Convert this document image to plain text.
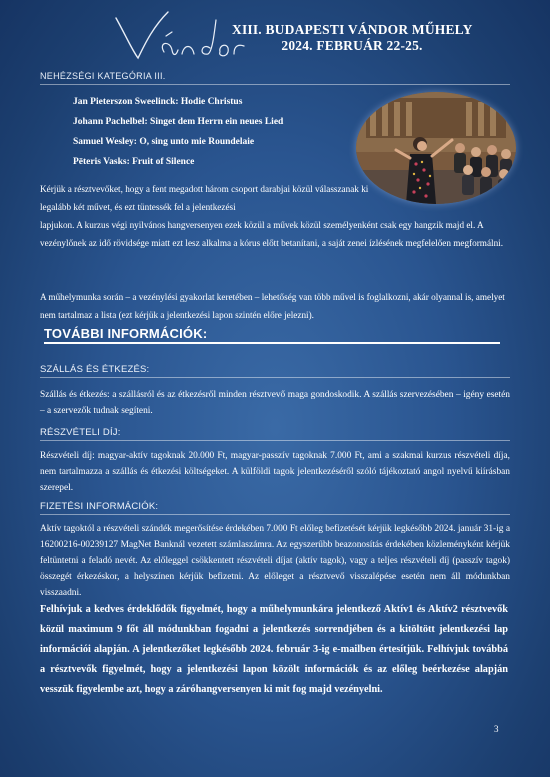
Vándor
XIII. BUDAPESTI VÁNDOR MŰHELY
2024. FEBRUÁR 22-25.
NEHÉZSÉGI KATEGÓRIA III.

Jan Pieterszon Sweelinck: Hodie Christus

Johann Pachelbel: Singet dem Herrn ein neues Lied

Samuel Wesley: O, sing unto mie Roundelaie

Pēteris Vasks: Fruit of Silence

Kérjük a résztvevőket, hogy a fent megadott három csoport darabjai közül válasszanak ki legalább két művet, és ezt tüntessék fel a jelentkezési

lapjukon. A kurzus végi nyilvános hangversenyen ezek közül a művek közül személyenként csak egy hangzik majd el. A vezénylőnek az idő rövidsége miatt ezt lesz alkalma a kórus előtt betanítani, a saját zenei ízlésének megfelelően megformálni.

A műhelymunka során – a vezénylési gyakorlat keretében – lehetőség van több művel is foglalkozni, akár olyannal is, amelyet nem tartalmaz a lista (ezt kérjük a jelentkezési lapon szintén előre jelezni).

TOVÁBBI INFORMÁCIÓK:
SZÁLLÁS ÉS ÉTKEZÉS:

Szállás és étkezés: a szállásról és az étkezésről minden résztvevő maga gondoskodik. A szállás szervezésében – igény esetén – a szervezők tudnak segíteni.

RÉSZVÉTELI DÍJ:

Részvételi díj: magyar-aktív tagoknak 20.000 Ft, magyar-passzív tagoknak 7.000 Ft, ami a szakmai kurzus részvételi díja, nem tartalmazza a szállás és étkezési költségeket. A külföldi tagok jelentkezéséről szóló tájékoztató angol nyelvű kiírásban szerepel.

FIZETÉSI INFORMÁCIÓK:

Aktív tagoktól a részvételi szándék megerősítése érdekében 7.000 Ft előleg befizetését kérjük legkésőbb 2024. január 31-ig a 16200216-00239127 MagNet Banknál vezetett számlaszámra. Az egyszerűbb beazonosítás érdekében közleményként kérjük feltüntetni a feladó nevét. Az előleggel csökkentett részvételi díjat (aktív tagok), vagy a teljes részvételi díj (passzív tagok) összegét érkezéskor, a helyszínen kérjük befizetni. Az előleget a résztvevő visszalépése esetén nem áll módunkban visszaadni.

Felhívjuk a kedves érdeklődők figyelmét, hogy a műhelymunkára jelentkező Aktív1 és Aktív2 résztvevők közül maximum 9 főt áll módunkban fogadni a jelentkezés sorrendjében és a kitöltött jelentkezési lap információi alapján. A jelentkezőket legkésőbb 2024. február 3-ig e-mailben értesítjük. Felhívjuk továbbá a résztvevők figyelmét, hogy a jelentkezési lapon közölt információk és az előleg beérkezése alapján vesszük figyelembe azt, hogy a záróhangversenyen ki mit fog majd vezényelni.

3
